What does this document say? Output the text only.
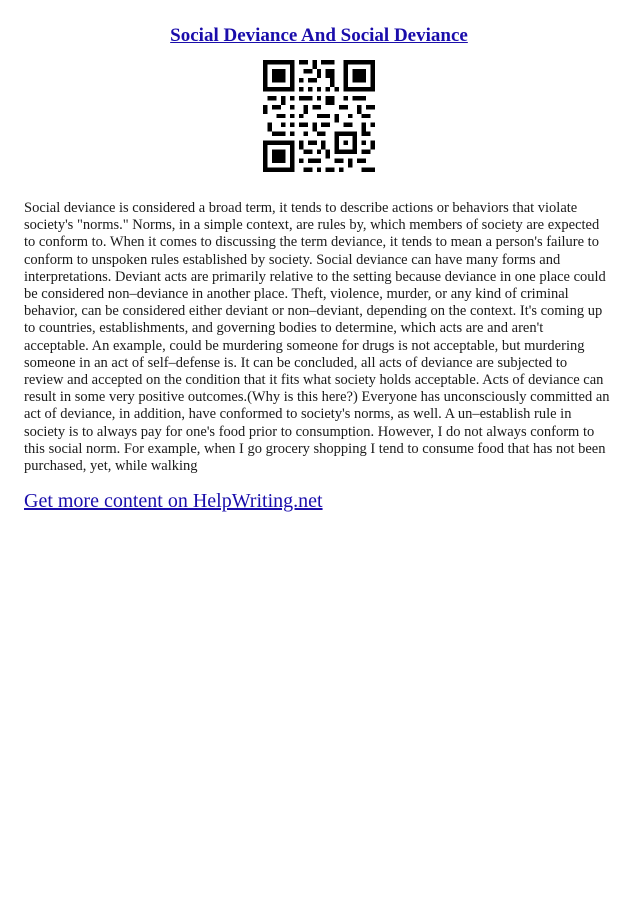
Social Deviance And Social Deviance
Social deviance is considered a broad term, it tends to describe actions or behaviors that violate society's "norms." Norms, in a simple context, are rules by, which members of society are expected to conform to. When it comes to discussing the term deviance, it tends to mean a person's failure to conform to unspoken rules established by society. Social deviance can have many forms and interpretations. Deviant acts are primarily relative to the setting because deviance in one place could be considered non–deviance in another place. Theft, violence, murder, or any kind of criminal behavior, can be considered either deviant or non–deviant, depending on the context. It's coming up to countries, establishments, and governing bodies to determine, which acts are and aren't acceptable. An example, could be murdering someone for drugs is not acceptable, but murdering someone in an act of self–defense is. It can be concluded, all acts of deviance are subjected to review and accepted on the condition that it fits what society holds acceptable. Acts of deviance can result in some very positive outcomes.(Why is this here?) Everyone has unconsciously committed an act of deviance, in addition, have conformed to society's norms, as well. A un–establish rule in society is to always pay for one's food prior to consumption. However, I do not always conform to this social norm. For example, when I go grocery shopping I tend to consume food that has not been purchased, yet, while walking
Get more content on HelpWriting.net
